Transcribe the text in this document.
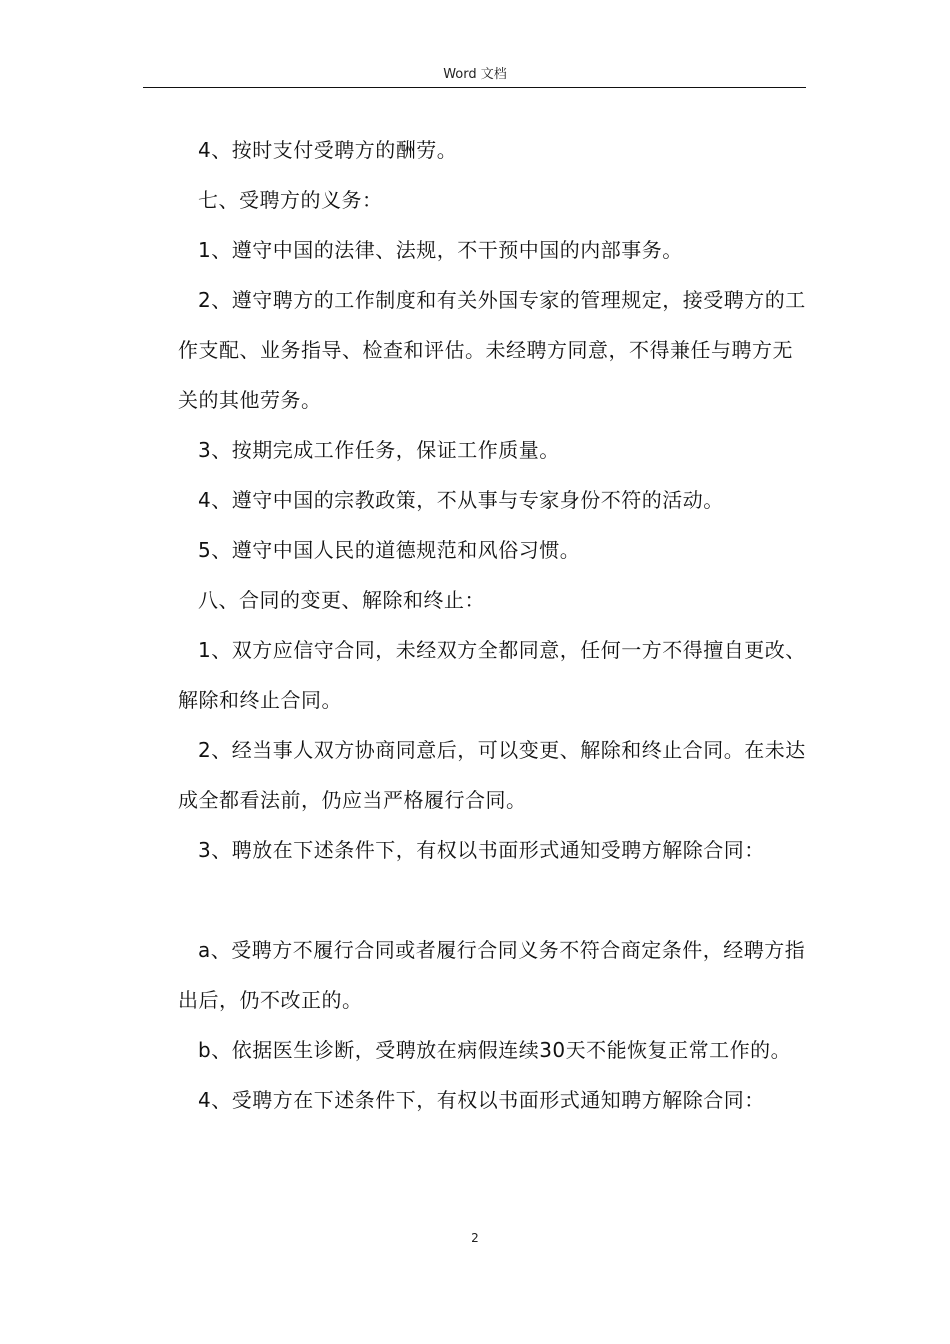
Word 文档

4、按时支付受聘方的酬劳。

七、受聘方的义务：

1、遵守中国的法律、法规，不干预中国的内部事务。

2、遵守聘方的工作制度和有关外国专家的管理规定，接受聘方的工作支配、业务指导、检查和评估。未经聘方同意，不得兼任与聘方无关的其他劳务。

3、按期完成工作任务，保证工作质量。

4、遵守中国的宗教政策，不从事与专家身份不符的活动。

5、遵守中国人民的道德规范和风俗习惯。

八、合同的变更、解除和终止：

1、双方应信守合同，未经双方全都同意，任何一方不得擅自更改、解除和终止合同。

2、经当事人双方协商同意后，可以变更、解除和终止合同。在未达成全都看法前，仍应当严格履行合同。

3、聘放在下述条件下，有权以书面形式通知受聘方解除合同：

a、受聘方不履行合同或者履行合同义务不符合商定条件，经聘方指出后，仍不改正的。

b、依据医生诊断，受聘放在病假连续30天不能恢复正常工作的。

4、受聘方在下述条件下，有权以书面形式通知聘方解除合同：

2
